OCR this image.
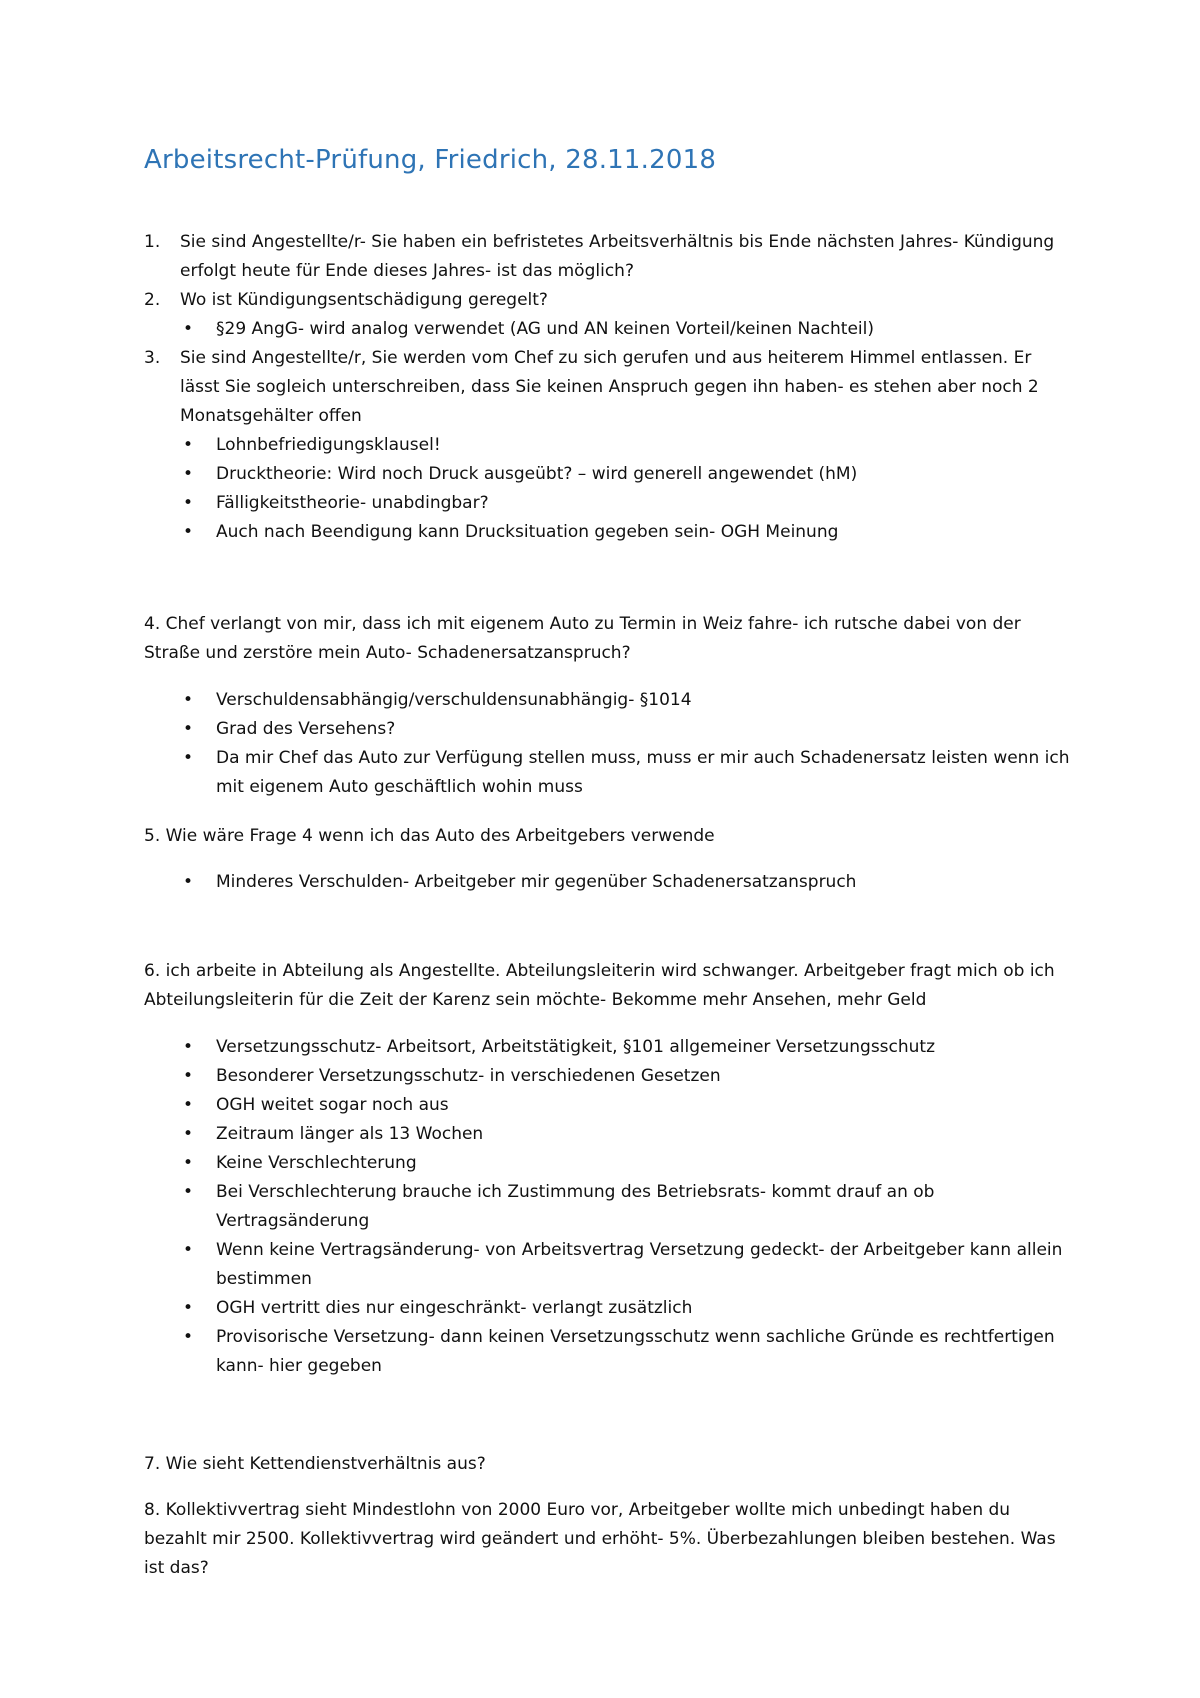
Arbeitsrecht-Prüfung, Friedrich, 28.11.2018
1. Sie sind Angestellte/r- Sie haben ein befristetes Arbeitsverhältnis bis Ende nächsten Jahres- Kündigung erfolgt heute für Ende dieses Jahres- ist das möglich?
2. Wo ist Kündigungsentschädigung geregelt?
• §29 AngG- wird analog verwendet (AG und AN keinen Vorteil/keinen Nachteil)
3. Sie sind Angestellte/r, Sie werden vom Chef zu sich gerufen und aus heiterem Himmel entlassen. Er lässt Sie sogleich unterschreiben, dass Sie keinen Anspruch gegen ihn haben- es stehen aber noch 2 Monatsgehälter offen
• Lohnbefriedigungsklausel!
• Drucktheorie: Wird noch Druck ausgeübt? – wird generell angewendet (hM)
• Fälligkeitstheorie- unabdingbar?
• Auch nach Beendigung kann Drucksituation gegeben sein- OGH Meinung

4. Chef verlangt von mir, dass ich mit eigenem Auto zu Termin in Weiz fahre- ich rutsche dabei von der Straße und zerstöre mein Auto- Schadenersatzanspruch?

• Verschuldensabhängig/verschuldensunabhängig- §1014
• Grad des Versehens?
• Da mir Chef das Auto zur Verfügung stellen muss, muss er mir auch Schadenersatz leisten wenn ich mit eigenem Auto geschäftlich wohin muss

5. Wie wäre Frage 4 wenn ich das Auto des Arbeitgebers verwende

• Minderes Verschulden- Arbeitgeber mir gegenüber Schadenersatzanspruch

6. ich arbeite in Abteilung als Angestellte. Abteilungsleiterin wird schwanger. Arbeitgeber fragt mich ob ich Abteilungsleiterin für die Zeit der Karenz sein möchte- Bekomme mehr Ansehen, mehr Geld

• Versetzungsschutz- Arbeitsort, Arbeitstätigkeit, §101 allgemeiner Versetzungsschutz
• Besonderer Versetzungsschutz- in verschiedenen Gesetzen
• OGH weitet sogar noch aus
• Zeitraum länger als 13 Wochen
• Keine Verschlechterung
• Bei Verschlechterung brauche ich Zustimmung des Betriebsrats- kommt drauf an ob Vertragsänderung
• Wenn keine Vertragsänderung- von Arbeitsvertrag Versetzung gedeckt- der Arbeitgeber kann allein bestimmen
• OGH vertritt dies nur eingeschränkt- verlangt zusätzlich
• Provisorische Versetzung- dann keinen Versetzungsschutz wenn sachliche Gründe es rechtfertigen kann- hier gegeben

7. Wie sieht Kettendienstverhältnis aus?

8. Kollektivvertrag sieht Mindestlohn von 2000 Euro vor, Arbeitgeber wollte mich unbedingt haben du bezahlt mir 2500. Kollektivvertrag wird geändert und erhöht- 5%. Überbezahlungen bleiben bestehen. Was ist das?
